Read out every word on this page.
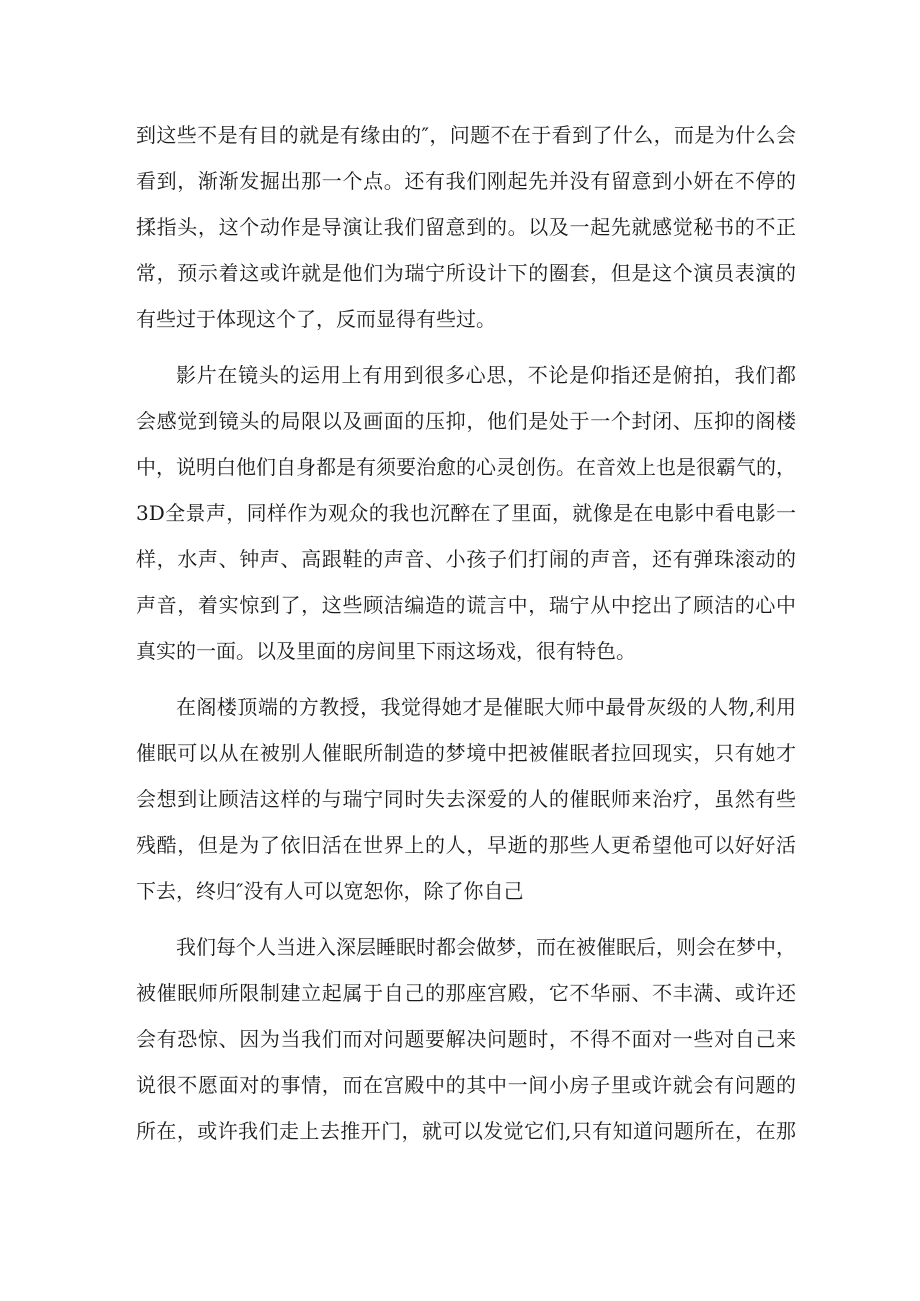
到这些不是有目的就是有缘由的″，问题不在于看到了什么，而是为什么会
看到，渐渐发掘出那一个点。还有我们刚起先并没有留意到小妍在不停的
揉指头，这个动作是导演让我们留意到的。以及一起先就感觉秘书的不正
常，预示着这或许就是他们为瑞宁所设计下的圈套，但是这个演员表演的
有些过于体现这个了，反而显得有些过。
影片在镜头的运用上有用到很多心思，不论是仰指还是俯拍，我们都
会感觉到镜头的局限以及画面的压抑，他们是处于一个封闭、压抑的阁楼
中，说明白他们自身都是有须要治愈的心灵创伤。在音效上也是很霸气的，
3D全景声，同样作为观众的我也沉醉在了里面，就像是在电影中看电影一
样，水声、钟声、高跟鞋的声音、小孩子们打闹的声音，还有弹珠滚动的
声音，着实惊到了，这些顾洁编造的谎言中，瑞宁从中挖出了顾洁的心中
真实的一面。以及里面的房间里下雨这场戏，很有特色。
在阁楼顶端的方教授，我觉得她才是催眠大师中最骨灰级的人物,利用
催眠可以从在被别人催眠所制造的梦境中把被催眠者拉回现实，只有她才
会想到让顾洁这样的与瑞宁同时失去深爱的人的催眠师来治疗，虽然有些
残酷，但是为了依旧活在世界上的人，早逝的那些人更希望他可以好好活
下去，终归″没有人可以宽恕你，除了你自己
我们每个人当进入深层睡眠时都会做梦，而在被催眠后，则会在梦中，
被催眠师所限制建立起属于自己的那座宫殿，它不华丽、不丰满、或许还
会有恐惊、因为当我们而对问题要解决问题时，不得不面对一些对自己来
说很不愿面对的事情，而在宫殿中的其中一间小房子里或许就会有问题的
所在，或许我们走上去推开门，就可以发觉它们,只有知道问题所在，在那
